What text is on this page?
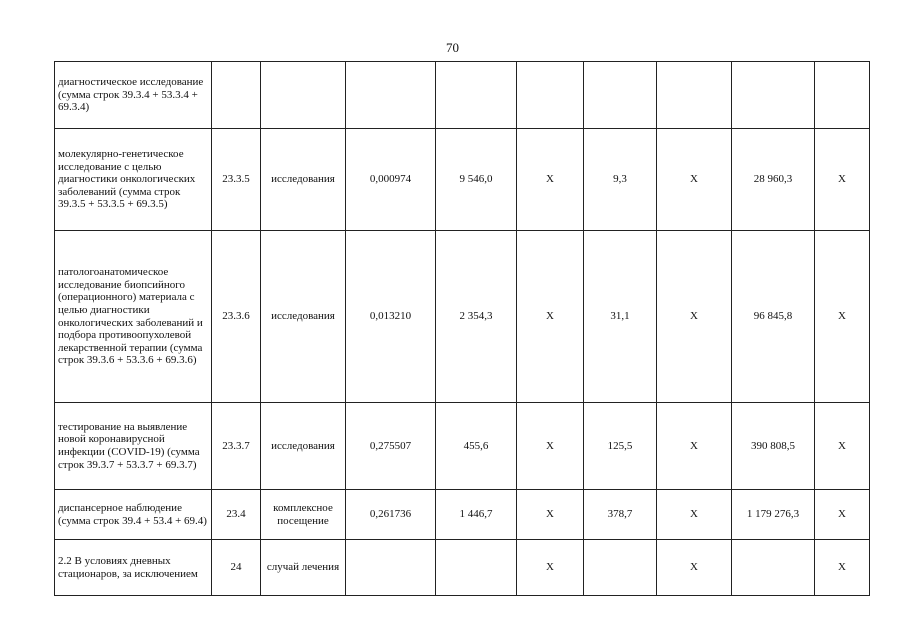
70
диагностическое исследование (сумма строк 39.3.4 + 53.3.4 + 69.3.4)									
молекулярно-генетическое исследование с целью диагностики онкологических заболеваний (сумма строк 39.3.5 + 53.3.5 + 69.3.5)	23.3.5	исследования	0,000974	9 546,0	Х	9,3	Х	28 960,3	Х
патологоанатомическое исследование биопсийного (операционного) материала с целью диагностики онкологических заболеваний и подбора противоопухолевой лекарственной терапии (сумма строк 39.3.6 + 53.3.6 + 69.3.6)	23.3.6	исследования	0,013210	2 354,3	Х	31,1	Х	96 845,8	Х
тестирование на выявление новой коронавирусной инфекции (COVID-19) (сумма строк 39.3.7 + 53.3.7 + 69.3.7)	23.3.7	исследования	0,275507	455,6	Х	125,5	Х	390 808,5	Х
диспансерное наблюдение (сумма строк 39.4 + 53.4 + 69.4)	23.4	комплексное посещение	0,261736	1 446,7	Х	378,7	Х	1 179 276,3	Х
2.2 В условиях дневных стационаров, за исключением	24	случай лечения			Х		Х		Х
